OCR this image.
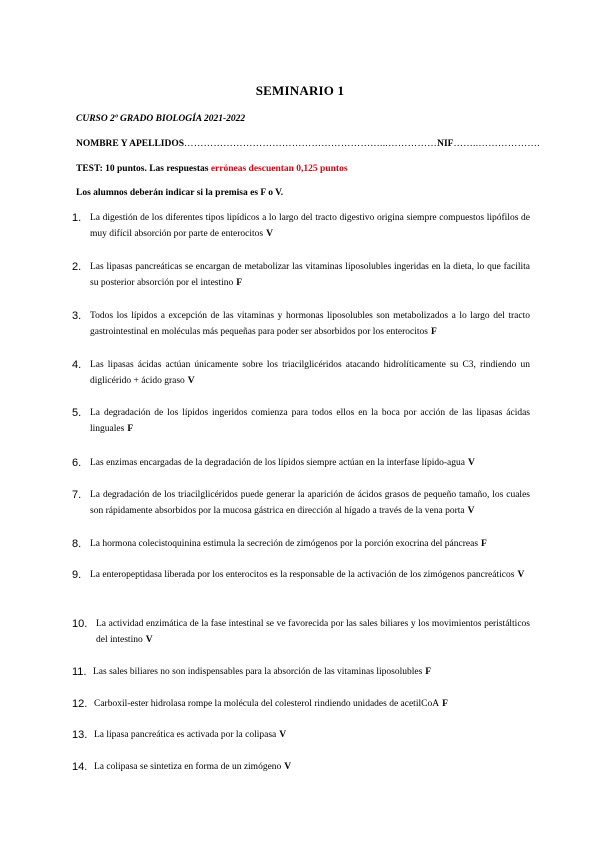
SEMINARIO 1
CURSO 2º GRADO BIOLOGÍA 2021-2022
NOMBRE Y APELLIDOS……………………………………………………...……………NIF……..……………….
TEST: 10 puntos. Las respuestas erróneas descuentan 0,125 puntos
Los alumnos deberán indicar si la premisa es F o V.
1. La digestión de los diferentes tipos lipídicos a lo largo del tracto digestivo origina siempre compuestos lipófilos de muy difícil absorción por parte de enterocitos V
2. Las lipasas pancreáticas se encargan de metabolizar las vitaminas liposolubles ingeridas en la dieta, lo que facilita su posterior absorción por el intestino F
3. Todos los lípidos a excepción de las vitaminas y hormonas liposolubles son metabolizados a lo largo del tracto gastrointestinal en moléculas más pequeñas para poder ser absorbidos por los enterocitos F
4. Las lipasas ácidas actúan únicamente sobre los triacilglicéridos atacando hidrolíticamente su C3, rindiendo un diglicérido + ácido graso V
5. La degradación de los lípidos ingeridos comienza para todos ellos en la boca por acción de las lipasas ácidas linguales F
6. Las enzimas encargadas de la degradación de los lípidos siempre actúan en la interfase lípido-agua V
7. La degradación de los triacilglicéridos puede generar la aparición de ácidos grasos de pequeño tamaño, los cuales son rápidamente absorbidos por la mucosa gástrica en dirección al hígado a través de la vena porta V
8. La hormona colecistoquinina estimula la secreción de zimógenos por la porción exocrina del páncreas F
9. La enteropeptidasa liberada por los enterocitos es la responsable de la activación de los zimógenos pancreáticos V
10. La actividad enzimática de la fase intestinal se ve favorecida por las sales biliares y los movimientos peristálticos del intestino V
11. Las sales biliares no son indispensables para la absorción de las vitaminas liposolubles F
12. Carboxil-ester hidrolasa rompe la molécula del colesterol rindiendo unidades de acetilCoA F
13. La lipasa pancreática es activada por la colipasa V
14. La colipasa se sintetiza en forma de un zimógeno V
